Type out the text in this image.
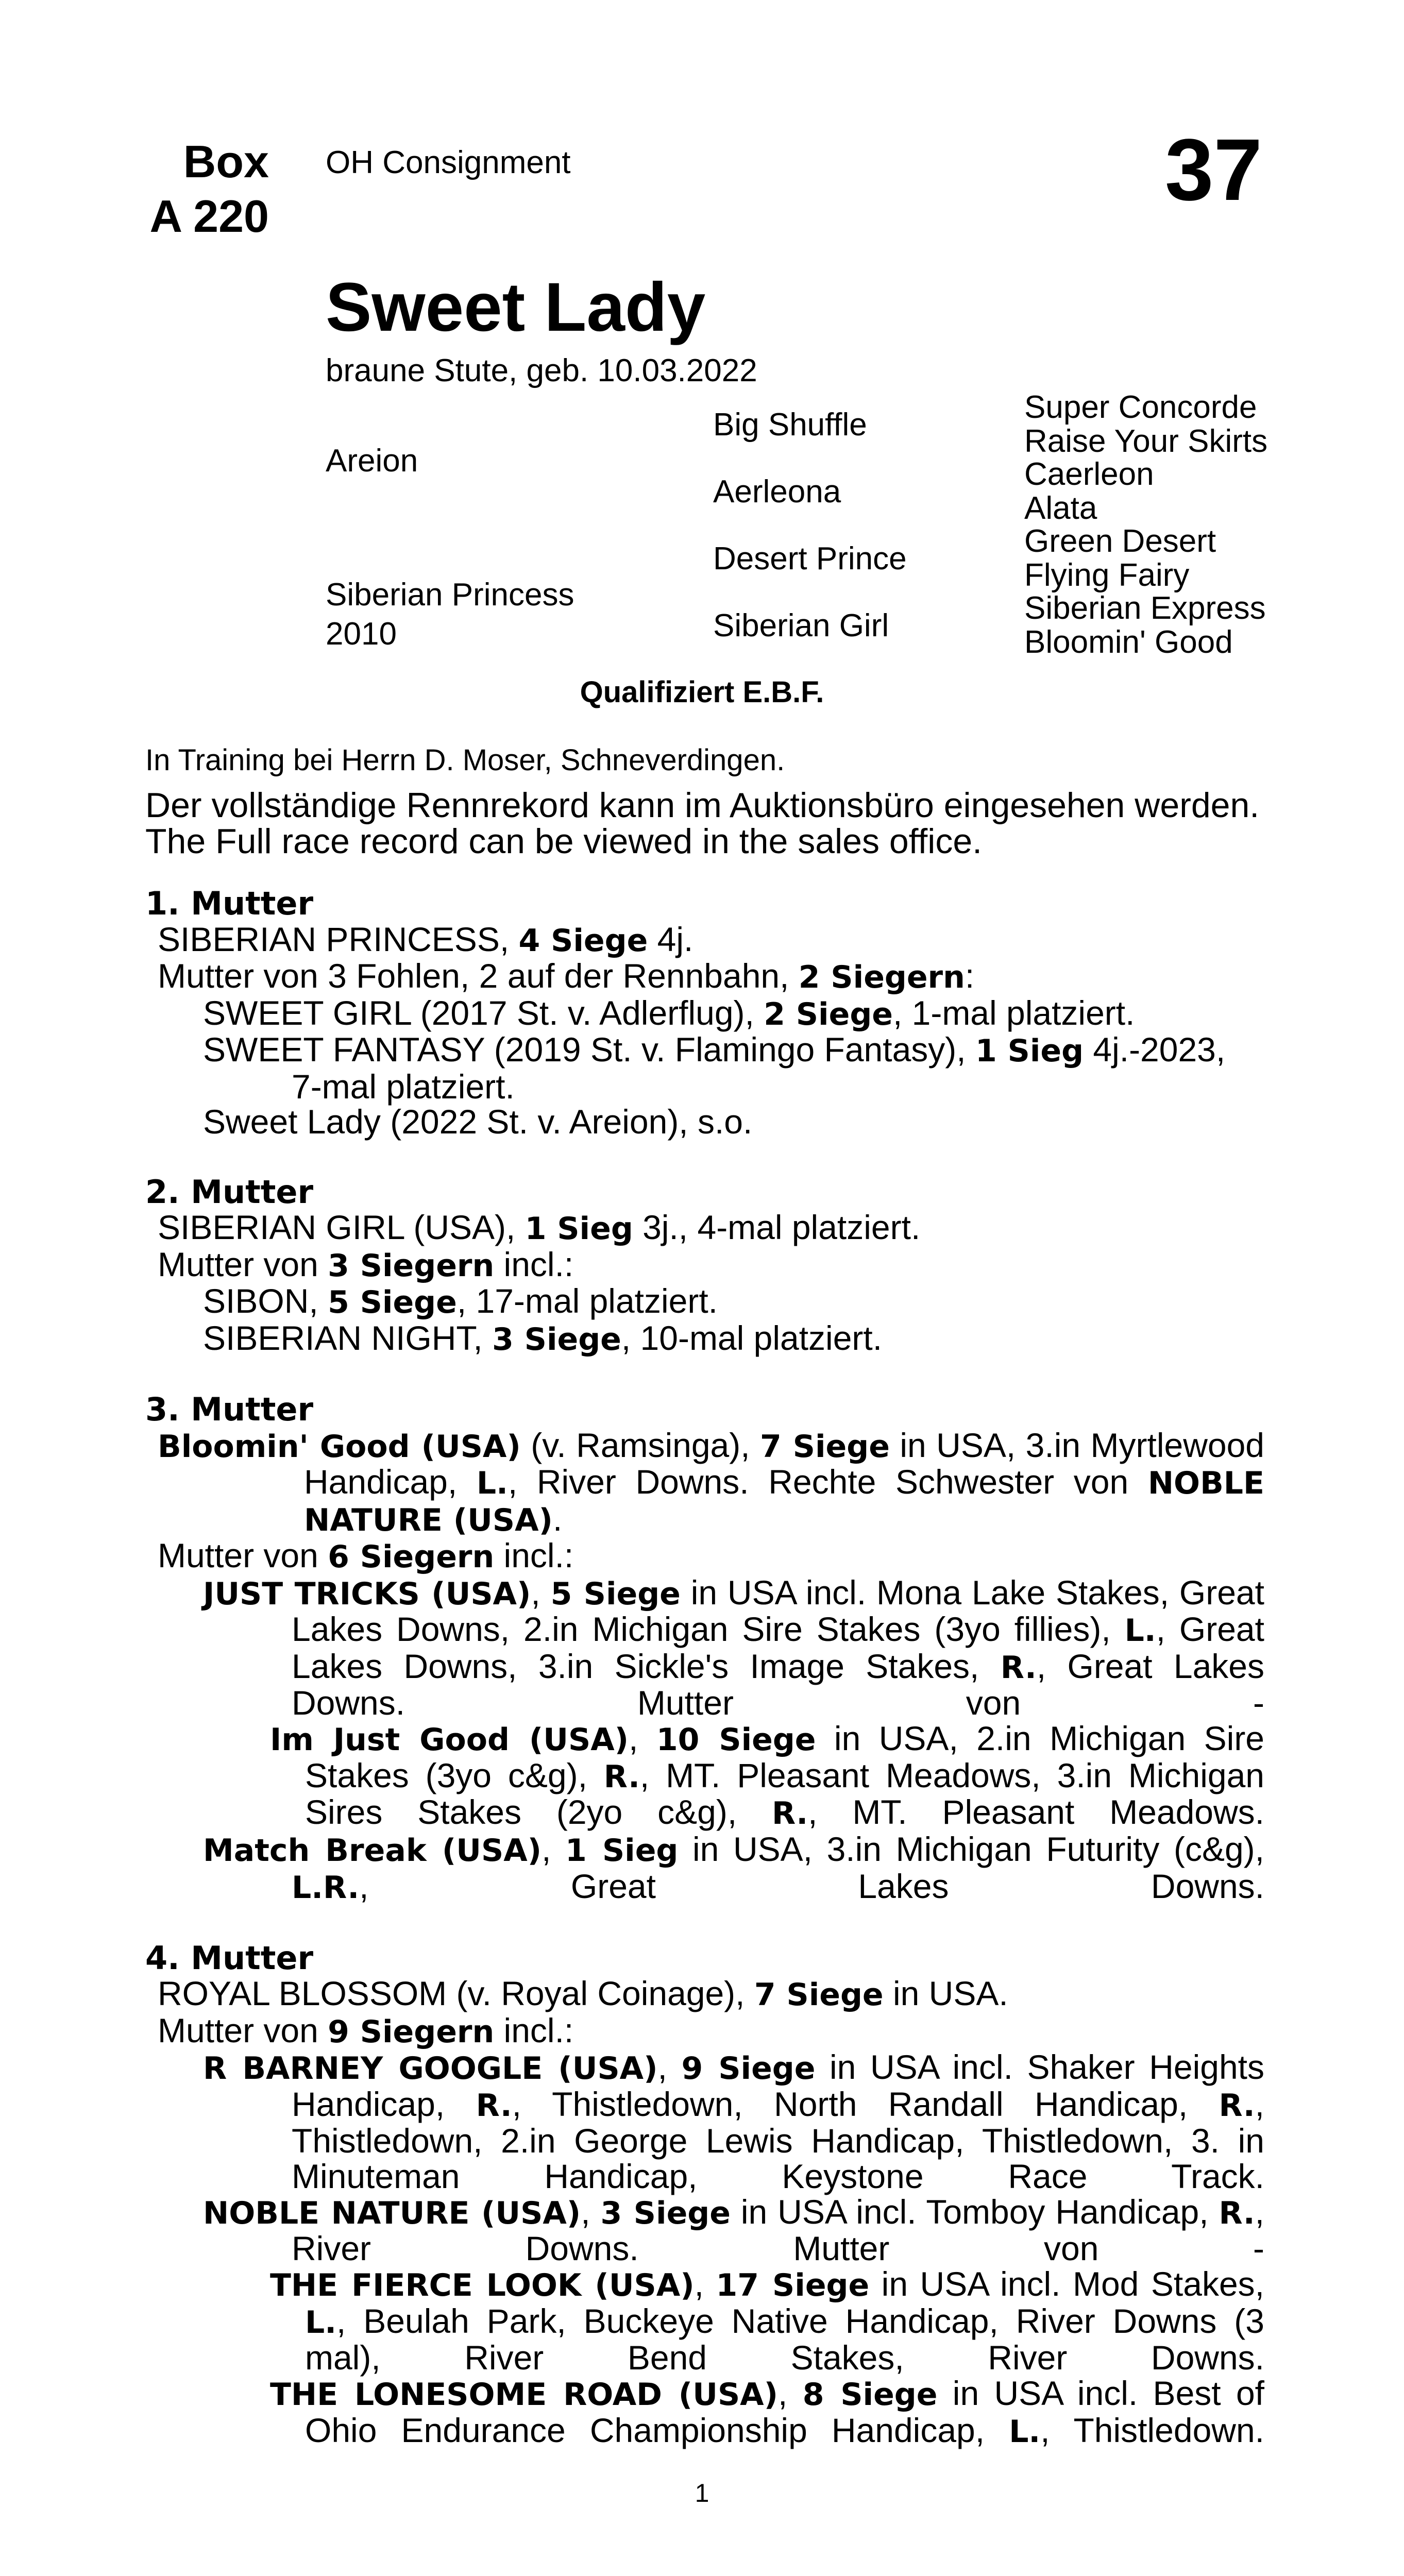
Box
A 220
OH Consignment	37
Sweet Lady
braune Stute, geb. 10.03.2022
Areion
Siberian Princess
2010
Big Shuffle
Aerleona
Desert Prince
Siberian Girl
Super Concorde
Raise Your Skirts
Caerleon
Alata
Green Desert
Flying Fairy
Siberian Express
Bloomin' Good
Qualifiziert E.B.F.
In Training bei Herrn D. Moser, Schneverdingen.
Der vollständige Rennrekord kann im Auktionsbüro eingesehen werden.
The Full race record can be viewed in the sales office.
1. Mutter
SIBERIAN PRINCESS, 4 Siege 4j.
Mutter von 3 Fohlen, 2 auf der Rennbahn, 2 Siegern:
SWEET GIRL (2017 St. v. Adlerflug), 2 Siege, 1-mal platziert.
SWEET FANTASY (2019 St. v. Flamingo Fantasy), 1 Sieg 4j.-2023,
7-mal platziert.
Sweet Lady (2022 St. v. Areion), s.o.
2. Mutter
SIBERIAN GIRL (USA), 1 Sieg 3j., 4-mal platziert.
Mutter von 3 Siegern incl.:
SIBON, 5 Siege, 17-mal platziert.
SIBERIAN NIGHT, 3 Siege, 10-mal platziert.
3. Mutter
Bloomin' Good (USA) (v. Ramsinga), 7 Siege in USA, 3.in Myrtlewood Handicap, L., River Downs. Rechte Schwester von NOBLE NATURE (USA).
Mutter von 6 Siegern incl.:
JUST TRICKS (USA), 5 Siege in USA incl. Mona Lake Stakes, Great Lakes Downs, 2.in Michigan Sire Stakes (3yo fillies), L., Great Lakes Downs, 3.in Sickle's Image Stakes, R., Great Lakes Downs. Mutter von -
Im Just Good (USA), 10 Siege in USA, 2.in Michigan Sire Stakes (3yo c&g), R., MT. Pleasant Meadows, 3.in Michigan Sires Stakes (2yo c&g), R., MT. Pleasant Meadows.
Match Break (USA), 1 Sieg in USA, 3.in Michigan Futurity (c&g), L.R., Great Lakes Downs.
4. Mutter
ROYAL BLOSSOM (v. Royal Coinage), 7 Siege in USA.
Mutter von 9 Siegern incl.:
R BARNEY GOOGLE (USA), 9 Siege in USA incl. Shaker Heights Handicap, R., Thistledown, North Randall Handicap, R., Thistledown, 2.in George Lewis Handicap, Thistledown, 3. in Minuteman Handicap, Keystone Race Track.
NOBLE NATURE (USA), 3 Siege in USA incl. Tomboy Handicap, R., River Downs. Mutter von -
THE FIERCE LOOK (USA), 17 Siege in USA incl. Mod Stakes, L., Beulah Park, Buckeye Native Handicap, River Downs (3 mal), River Bend Stakes, River Downs.
THE LONESOME ROAD (USA), 8 Siege in USA incl. Best of Ohio Endurance Championship Handicap, L., Thistledown.
1
